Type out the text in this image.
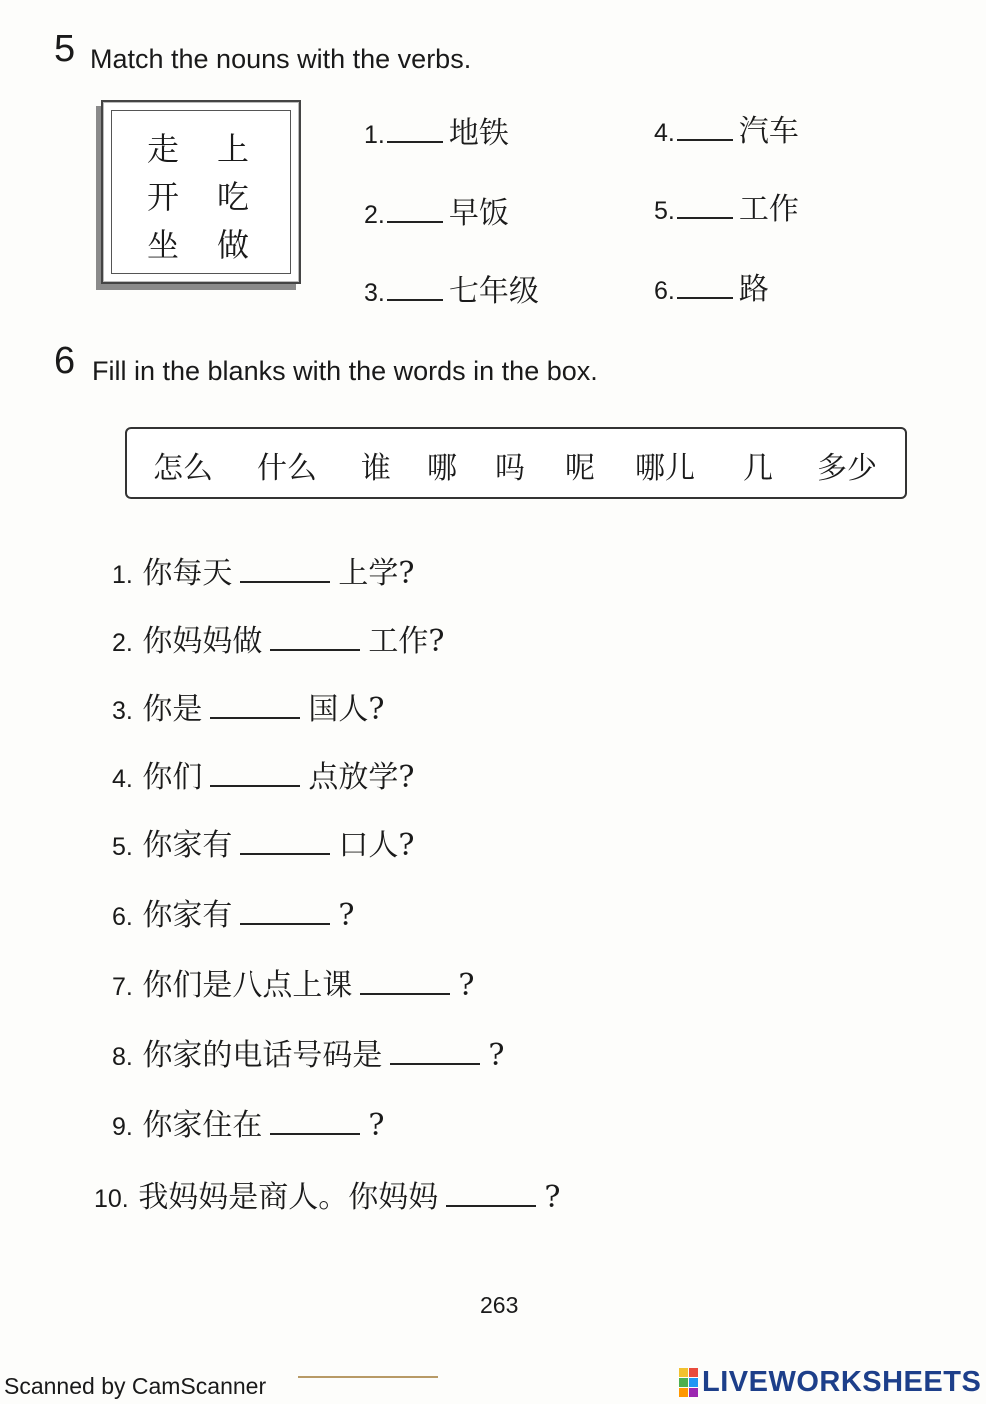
5 Match the nouns with the verbs.
走 上
开 吃
坐 做
1. 地铁
2. 早饭
3. 七年级
4. 汽车
5. 工作
6. 路
6 Fill in the blanks with the words in the box.
怎么 什么 谁 哪 吗 呢 哪儿 几 多少
1. 你每天	上学?
2. 你妈妈做	工作?
3. 你是	国人?
4. 你们	点放学?
5. 你家有	口人?
6. 你家有	?
7. 你们是八点上课	?
8. 你家的电话号码是	?
9. 你家住在	?
10. 我妈妈是商人。你妈妈	?
263
Scanned by CamScanner	LIVEWORKSHEETS
